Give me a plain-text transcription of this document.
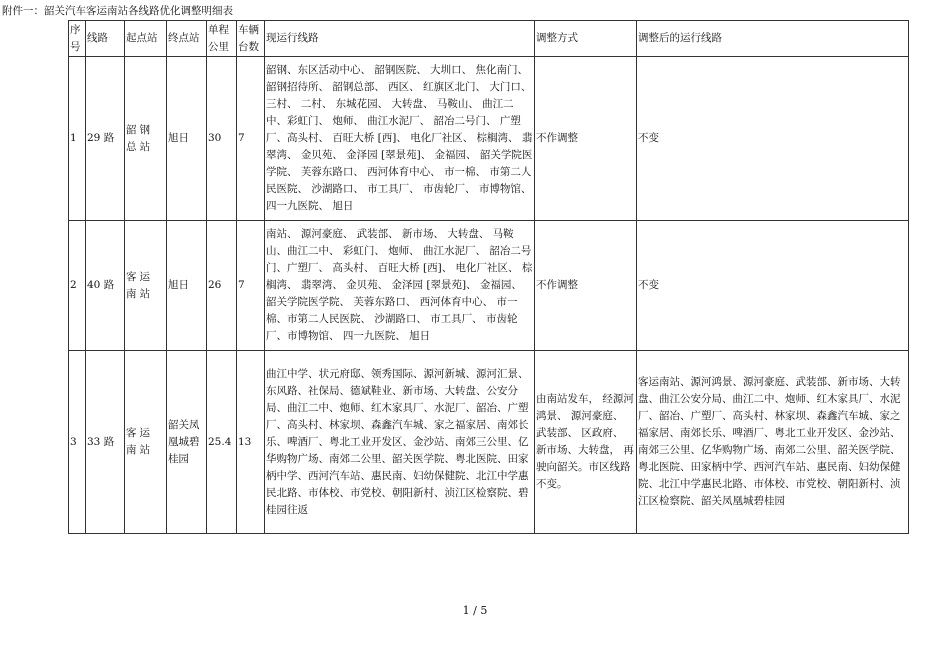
附件一：韶关汽车客运南站各线路优化调整明细表
序号	线路	起点站	终点站	单程公里	车辆台数	现运行线路	调整方式	调整后的运行线路
1	29 路	韶钢总站	旭日	30	7	韶钢、东区活动中心、 韶钢医院、 大圳口、 焦化南门、韶钢招待所、 韶钢总部、 西区、 红旗区北门、 大门口、三村、 二村、 东城花园、 大转盘、 马鞍山、 曲江二中、彩虹门、 炮师、 曲江水泥厂、 韶冶二号门、 广塑厂、高头村、 百旺大桥 [西]、 电化厂社区、 棕榈湾、 翡翠湾、 金贝苑、 金泽园 [翠景苑]、 金福园、 韶关学院医学院、 芙蓉东路口、 西河体育中心、 市一棉、 市第二人民医院、 沙湖路口、 市工具厂、 市齿轮厂、 市博物馆、 四一九医院、 旭日	不作调整	不变
2	40 路	客运南站	旭日	26	7	南站、 源河豪庭、 武装部、 新市场、 大转盘、 马鞍山、曲江二中、 彩虹门、 炮师、 曲江水泥厂、 韶冶二号门、广塑厂、 高头村、 百旺大桥 [西]、 电化厂社区、 棕榈湾、 翡翠湾、 金贝苑、 金泽园 [翠景苑]、 金福园、 韶关学院医学院、 芙蓉东路口、 西河体育中心、 市一棉、市第二人民医院、 沙湖路口、 市工具厂、 市齿轮厂、市博物馆、 四一九医院、 旭日	不作调整	不变
3	33 路	客运南站	韶关凤凰城碧桂园	25.4	13	曲江中学、状元府邸、领秀国际、源河新城、源河汇景、东风路、社保局、德斌鞋业、新市场、大转盘、公安分局、曲江二中、炮师、红木家具厂、水泥厂、韶冶、广塑厂、高头村、林家坝、森鑫汽车城、家之福家居、南郊长乐、啤酒厂、粤北工业开发区、金沙站、南郊三公里、亿华购物广场、南郊二公里、韶关医学院、粤北医院、田家柄中学、西河汽车站、惠民南、妇幼保健院、北江中学惠民北路、市体校、市党校、朝阳新村、浈江区检察院、碧桂园往返	由南站发车， 经源河鸿景、 源河豪庭、 武装部、 区政府、 新市场、大转盘， 再驶向韶关。市区线路不变。	客运南站、源河鸿景、源河豪庭、武装部、新市场、大转盘、曲江公安分局、曲江二中、炮师、红木家具厂、水泥厂、韶冶、广塑厂、高头村、林家坝、森鑫汽车城、家之福家居、南郊长乐、啤酒厂、粤北工业开发区、金沙站、南郊三公里、亿华购物广场、南郊二公里、韶关医学院、粤北医院、田家柄中学、西河汽车站、惠民南、妇幼保健院、北江中学惠民北路、市体校、市党校、朝阳新村、浈江区检察院、韶关凤凰城碧桂园
1 / 5
